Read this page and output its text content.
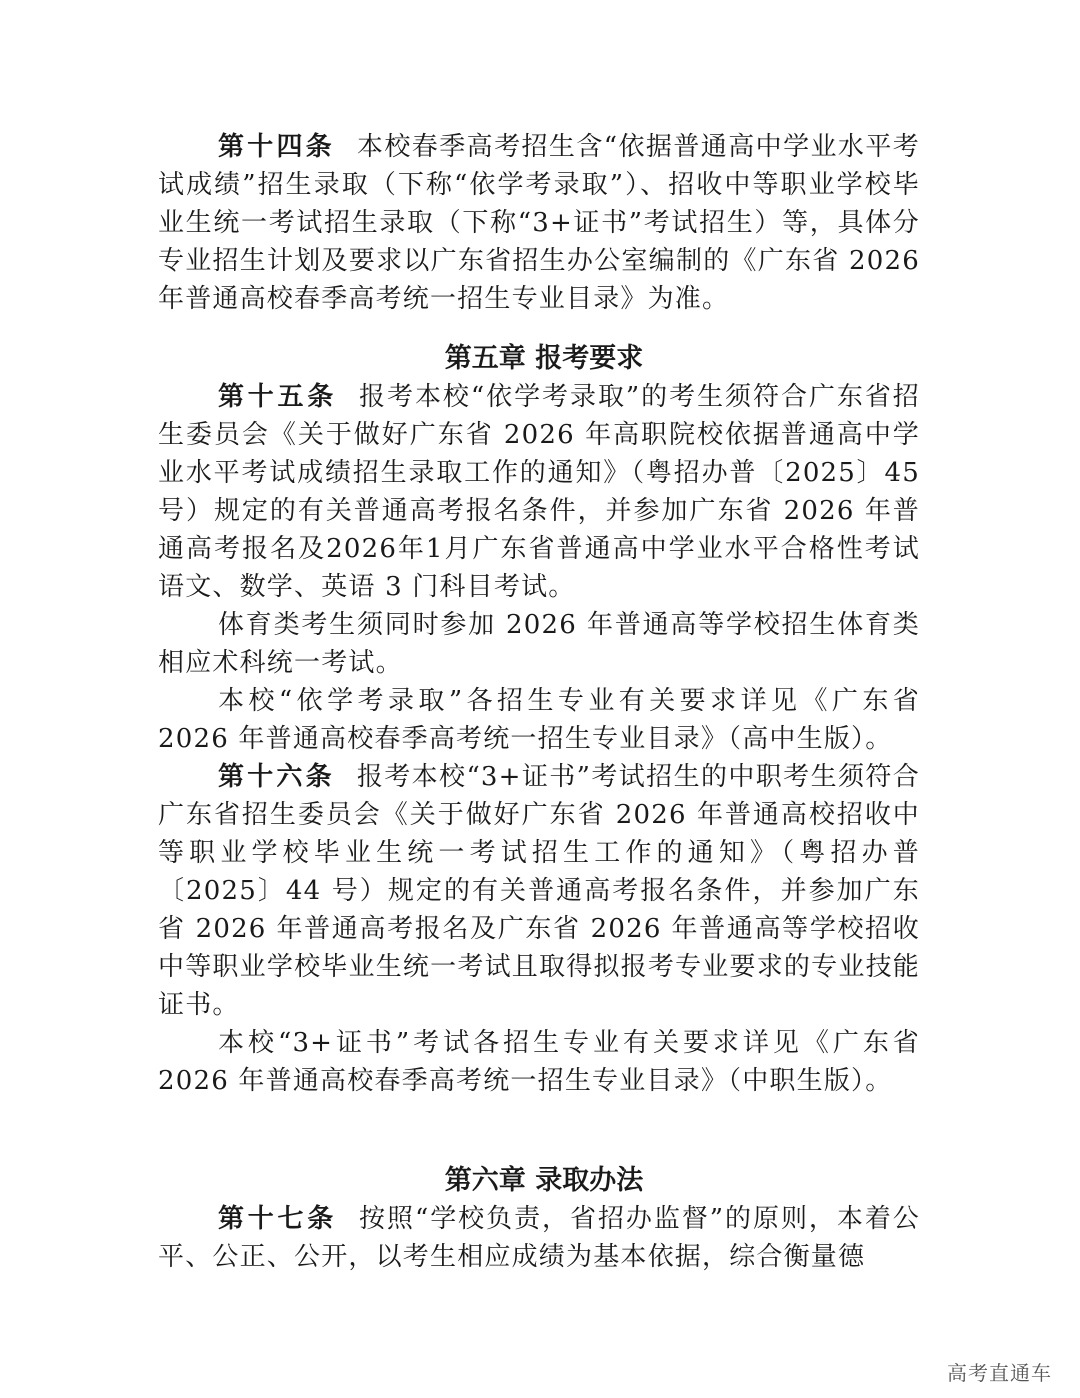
第十四条 本校春季高考招生含“依据普通高中学业水平考试成绩”招生录取（下称“依学考录取”）、招收中等职业学校毕业生统一考试招生录取（下称“3+证书”考试招生）等，具体分专业招生计划及要求以广东省招生办公室编制的《广东省 2026 年普通高校春季高考统一招生专业目录》为准。

第五章 报考要求

第十五条 报考本校“依学考录取”的考生须符合广东省招生委员会《关于做好广东省 2026 年高职院校依据普通高中学业水平考试成绩招生录取工作的通知》（粤招办普〔2025〕45号）规定的有关普通高考报名条件，并参加广东省 2026 年普通高考报名及2026年1月广东省普通高中学业水平合格性考试语文、数学、英语 3 门科目考试。

体育类考生须同时参加 2026 年普通高等学校招生体育类相应术科统一考试。

本校“依学考录取”各招生专业有关要求详见《广东省 2026 年普通高校春季高考统一招生专业目录》（高中生版）。

第十六条 报考本校“3+证书”考试招生的中职考生须符合广东省招生委员会《关于做好广东省 2026 年普通高校招收中等职业学校毕业生统一考试招生工作的通知》（粤招办普〔2025〕44 号）规定的有关普通高考报名条件，并参加广东省 2026 年普通高考报名及广东省 2026 年普通高等学校招收中等职业学校毕业生统一考试且取得拟报考专业要求的专业技能证书。

本校“3+证书”考试各招生专业有关要求详见《广东省 2026 年普通高校春季高考统一招生专业目录》（中职生版）。

第六章 录取办法

第十七条 按照“学校负责，省招办监督”的原则，本着公平、公正、公开，以考生相应成绩为基本依据，综合衡量德

高考直通车
